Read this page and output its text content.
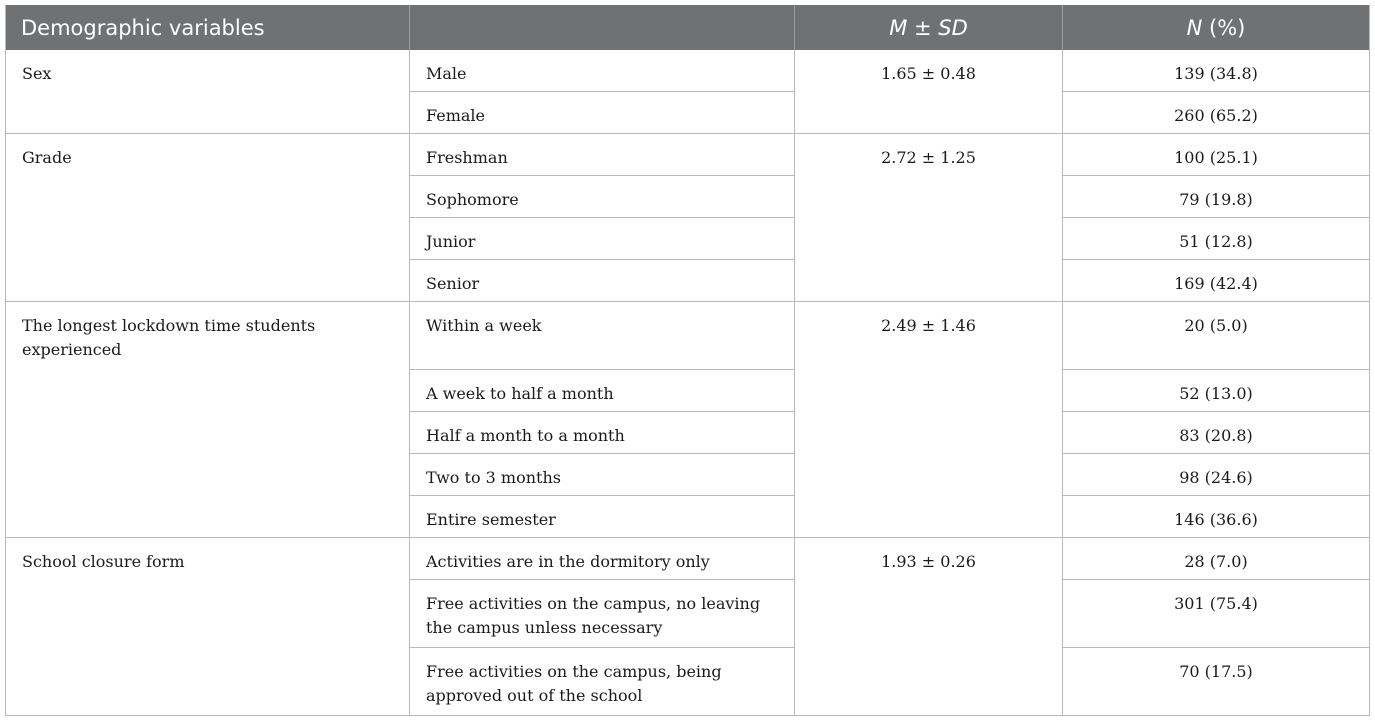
Demographic variables		M ± SD	N (%)
Sex	Male	1.65 ± 0.48	139 (34.8)
	Female		260 (65.2)
Grade	Freshman	2.72 ± 1.25	100 (25.1)
	Sophomore		79 (19.8)
	Junior		51 (12.8)
	Senior		169 (42.4)
The longest lockdown time students experienced	Within a week	2.49 ± 1.46	20 (5.0)
	A week to half a month		52 (13.0)
	Half a month to a month		83 (20.8)
	Two to 3 months		98 (24.6)
	Entire semester		146 (36.6)
School closure form	Activities are in the dormitory only	1.93 ± 0.26	28 (7.0)
	Free activities on the campus, no leaving the campus unless necessary		301 (75.4)
	Free activities on the campus, being approved out of the school		70 (17.5)
